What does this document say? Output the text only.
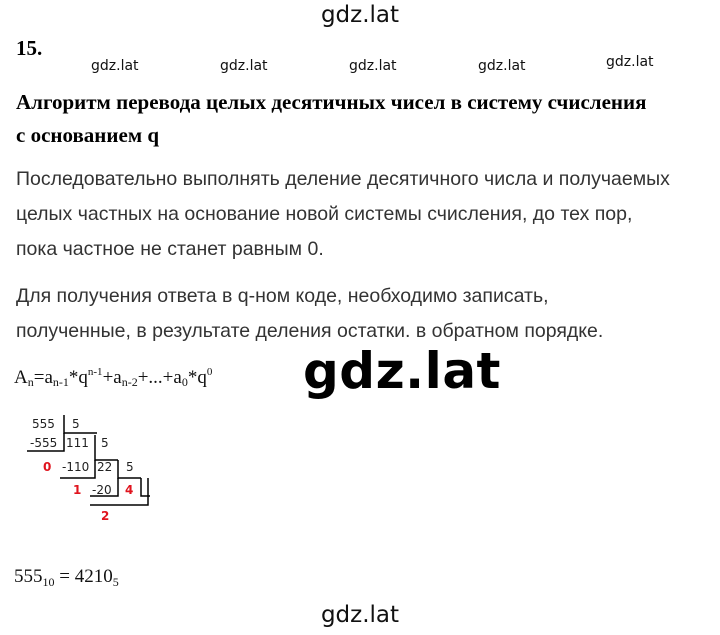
gdz.lat
15.
gdz.lat	gdz.lat	gdz.lat	gdz.lat	gdz.lat
Алгоритм перевода целых десятичных чисел в систему счисления
с основанием q
Последовательно выполнять деление десятичного числа и получаемых
целых частных на основание новой системы счисления, до тех пор,
пока частное не станет равным 0.
Для получения ответа в q-ном коде, необходимо записать,
полученные, в результате деления остатки. в обратном порядке.
$A_n=a_{n-1}*q^{n-1}+a_{n-2}+...+a_0*q^0$ gdz.lat
555 5
-555 111 5
0 -110 22 5
1 -20 4
2
$555_{10} = 4210_5$
gdz.lat
